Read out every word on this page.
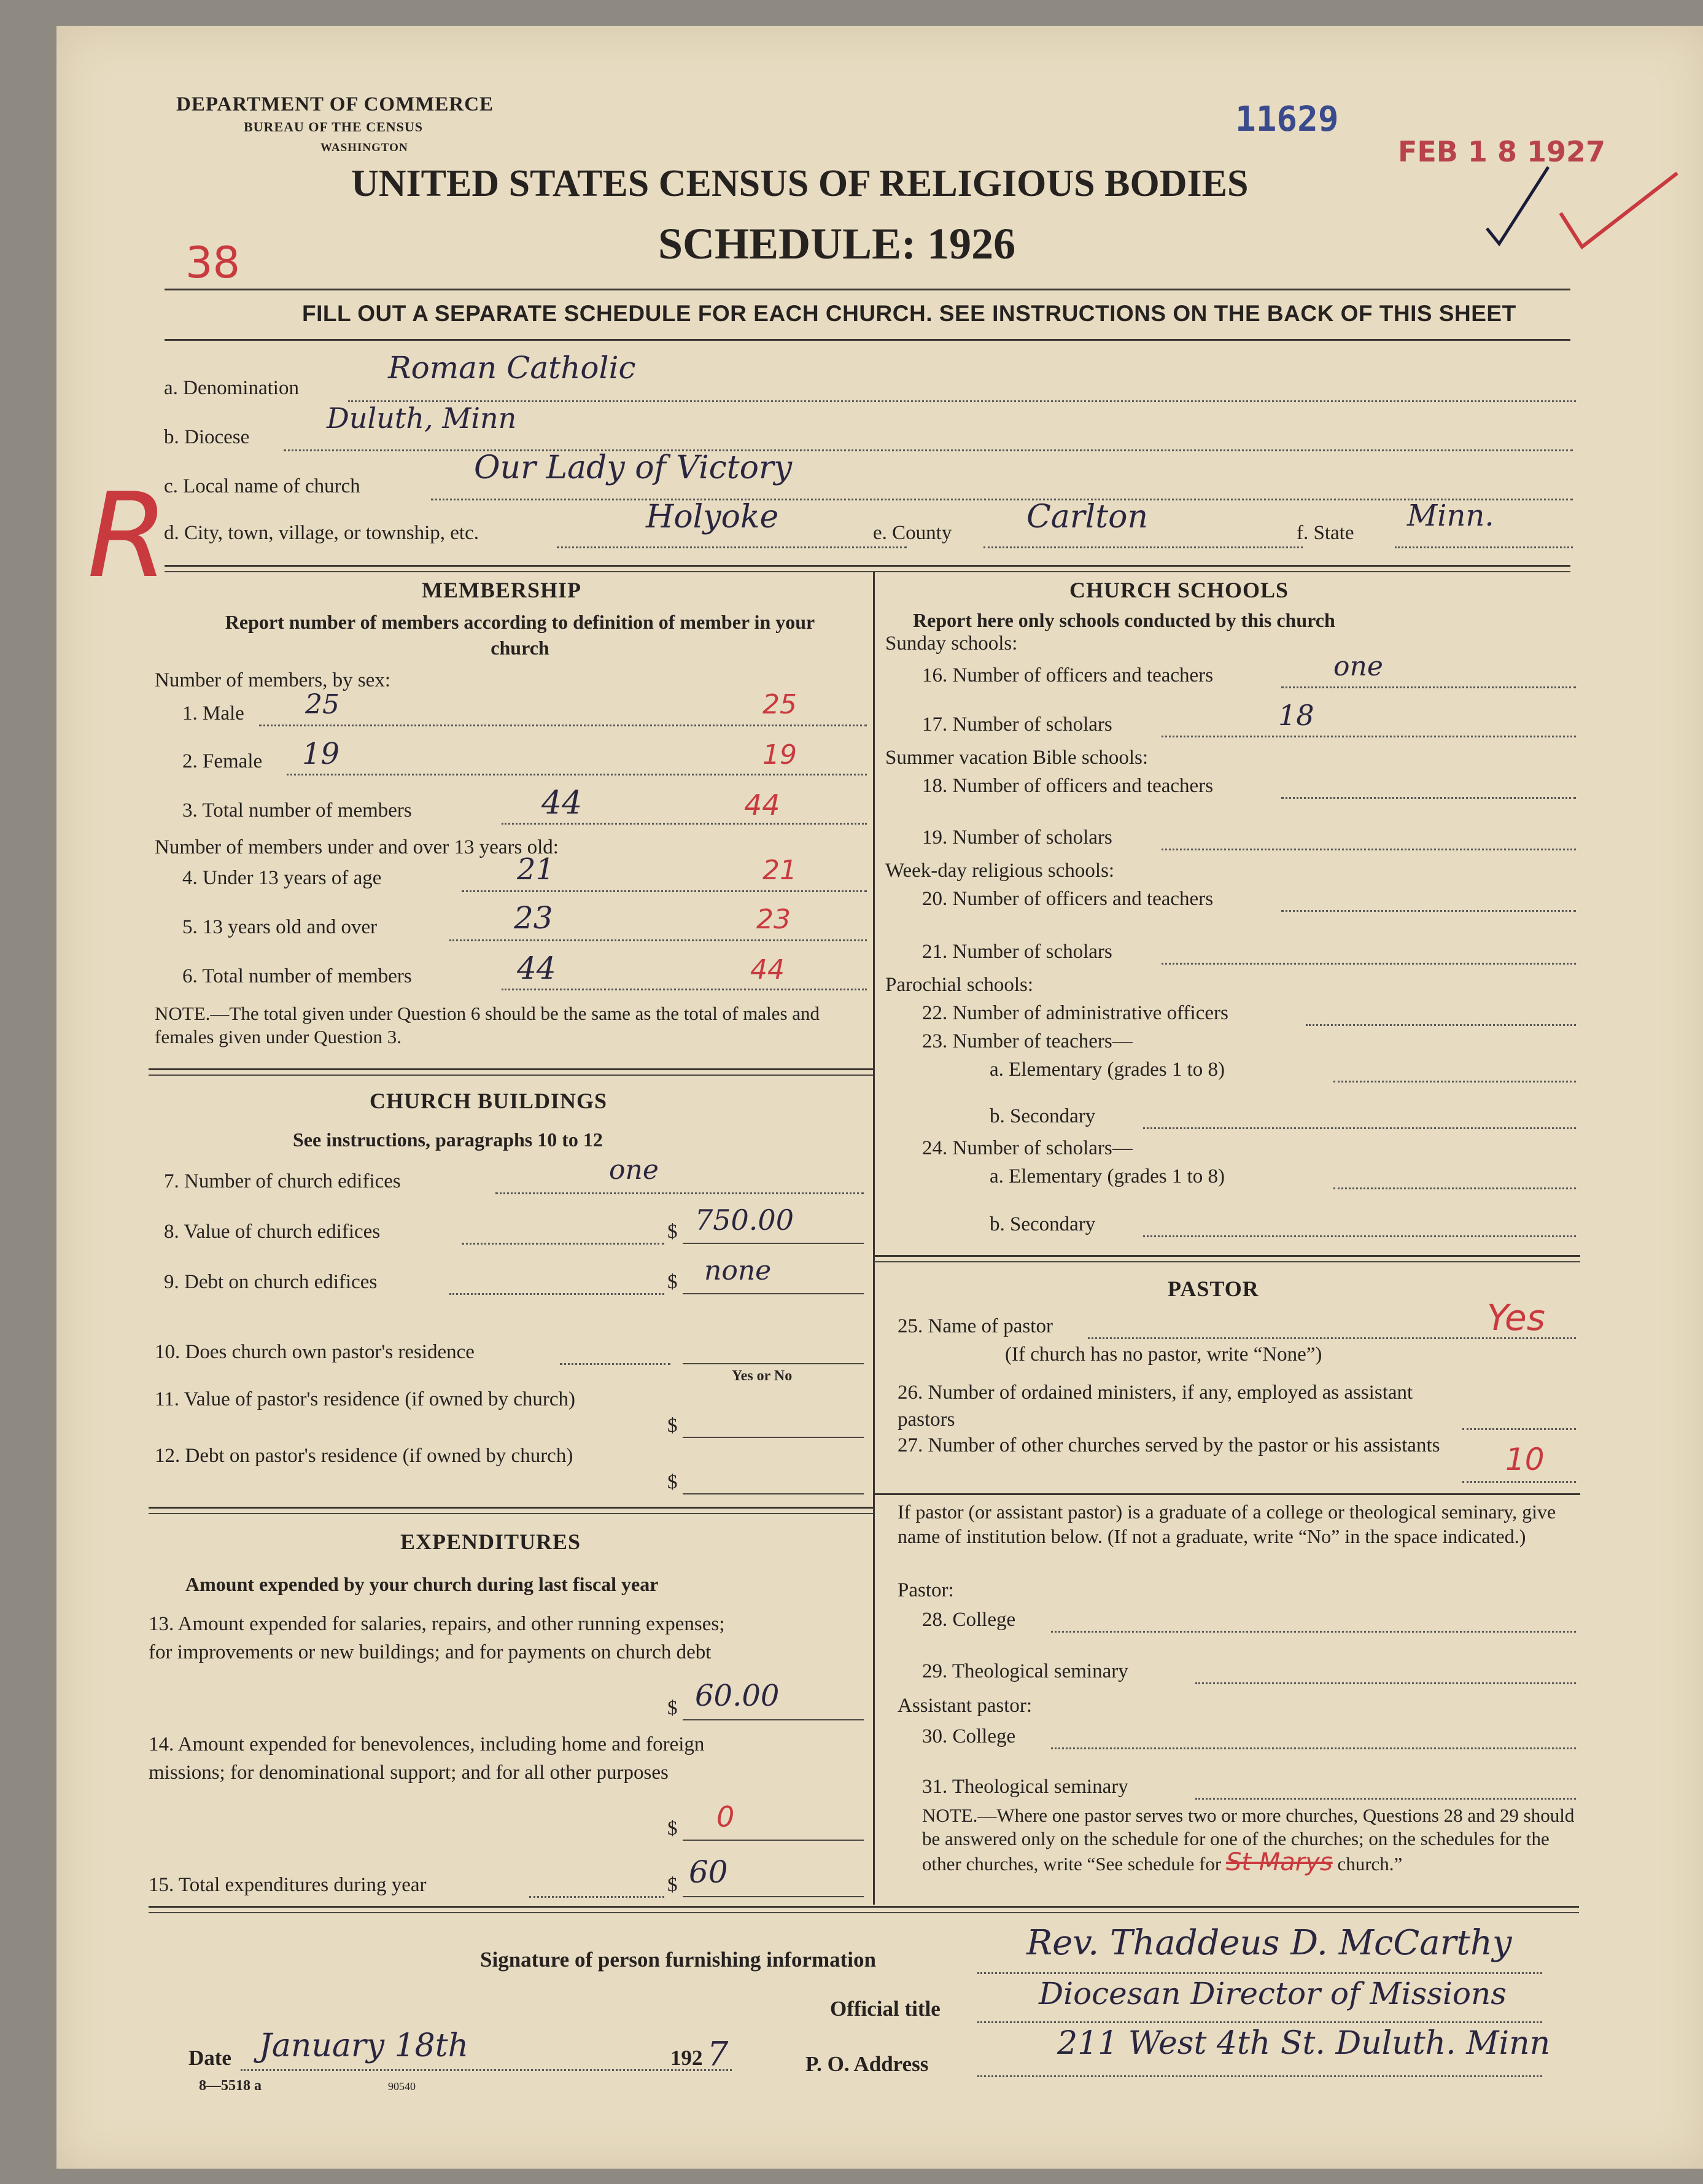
DEPARTMENT OF COMMERCE
BUREAU OF THE CENSUS
WASHINGTON
11629
FEB 1 8 1927
UNITED STATES CENSUS OF RELIGIOUS BODIES
SCHEDULE: 1926
38
FILL OUT A SEPARATE SCHEDULE FOR EACH CHURCH. SEE INSTRUCTIONS ON THE BACK OF THIS SHEET
R
a. Denomination
Roman Catholic
b. Diocese
Duluth, Minn
c. Local name of church	Our Lady of Victory
d. City, town, village, or township, etc.	Holyoke	e. County Carlton	f. State Minn.
MEMBERSHIP
Report number of members according to definition of member in your church
Number of members, by sex:
1. Male 25	25
2. Female 19	19
3. Total number of members	44	44
Number of members under and over 13 years old:
4. Under 13 years of age	21	21
5. 13 years old and over	23	23
6. Total number of members	44	44
NOTE.—The total given under Question 6 should be the same as the total of males and females given under Question 3.
CHURCH BUILDINGS
See instructions, paragraphs 10 to 12
7. Number of church edifices	one
8. Value of church edifices	$ 750.00
9. Debt on church edifices	$ none
10. Does church own pastor's residence
Yes or No
11. Value of pastor's residence (if owned by church)
$
12. Debt on pastor's residence (if owned by church)
$
EXPENDITURES
Amount expended by your church during last fiscal year
13. Amount expended for salaries, repairs, and other running expenses; for improvements or new buildings; and for payments on church debt
$ 60.00
14. Amount expended for benevolences, including home and foreign missions; for denominational support; and for all other purposes
$ 0
15. Total expenditures during year	$ 60
CHURCH SCHOOLS
Report here only schools conducted by this church
Sunday schools:
16. Number of officers and teachers	one
17. Number of scholars	18
Summer vacation Bible schools:
18. Number of officers and teachers
19. Number of scholars
Week-day religious schools:
20. Number of officers and teachers
21. Number of scholars
Parochial schools:
22. Number of administrative officers
23. Number of teachers—
a. Elementary (grades 1 to 8)
b. Secondary
24. Number of scholars—
a. Elementary (grades 1 to 8)
b. Secondary
PASTOR
25. Name of pastor	Yes
(If church has no pastor, write “None”)
26. Number of ordained ministers, if any, employed as assistant pastors
27. Number of other churches served by the pastor or his assistants	10
If pastor (or assistant pastor) is a graduate of a college or theological seminary, give name of institution below. (If not a graduate, write “No” in the space indicated.)
Pastor:
28. College
29. Theological seminary
Assistant pastor:
30. College
31. Theological seminary
NOTE.—Where one pastor serves two or more churches, Questions 28 and 29 should be answered only on the schedule for one of the churches; on the schedules for the other churches, write “See schedule for St Marys church.”
Signature of person furnishing information	Rev. Thaddeus D. McCarthy
Official title	Diocesan Director of Missions
Date January 18th	192 7	P. O. Address
211 West 4th St. Duluth. Minn
8—5518 a	90540
